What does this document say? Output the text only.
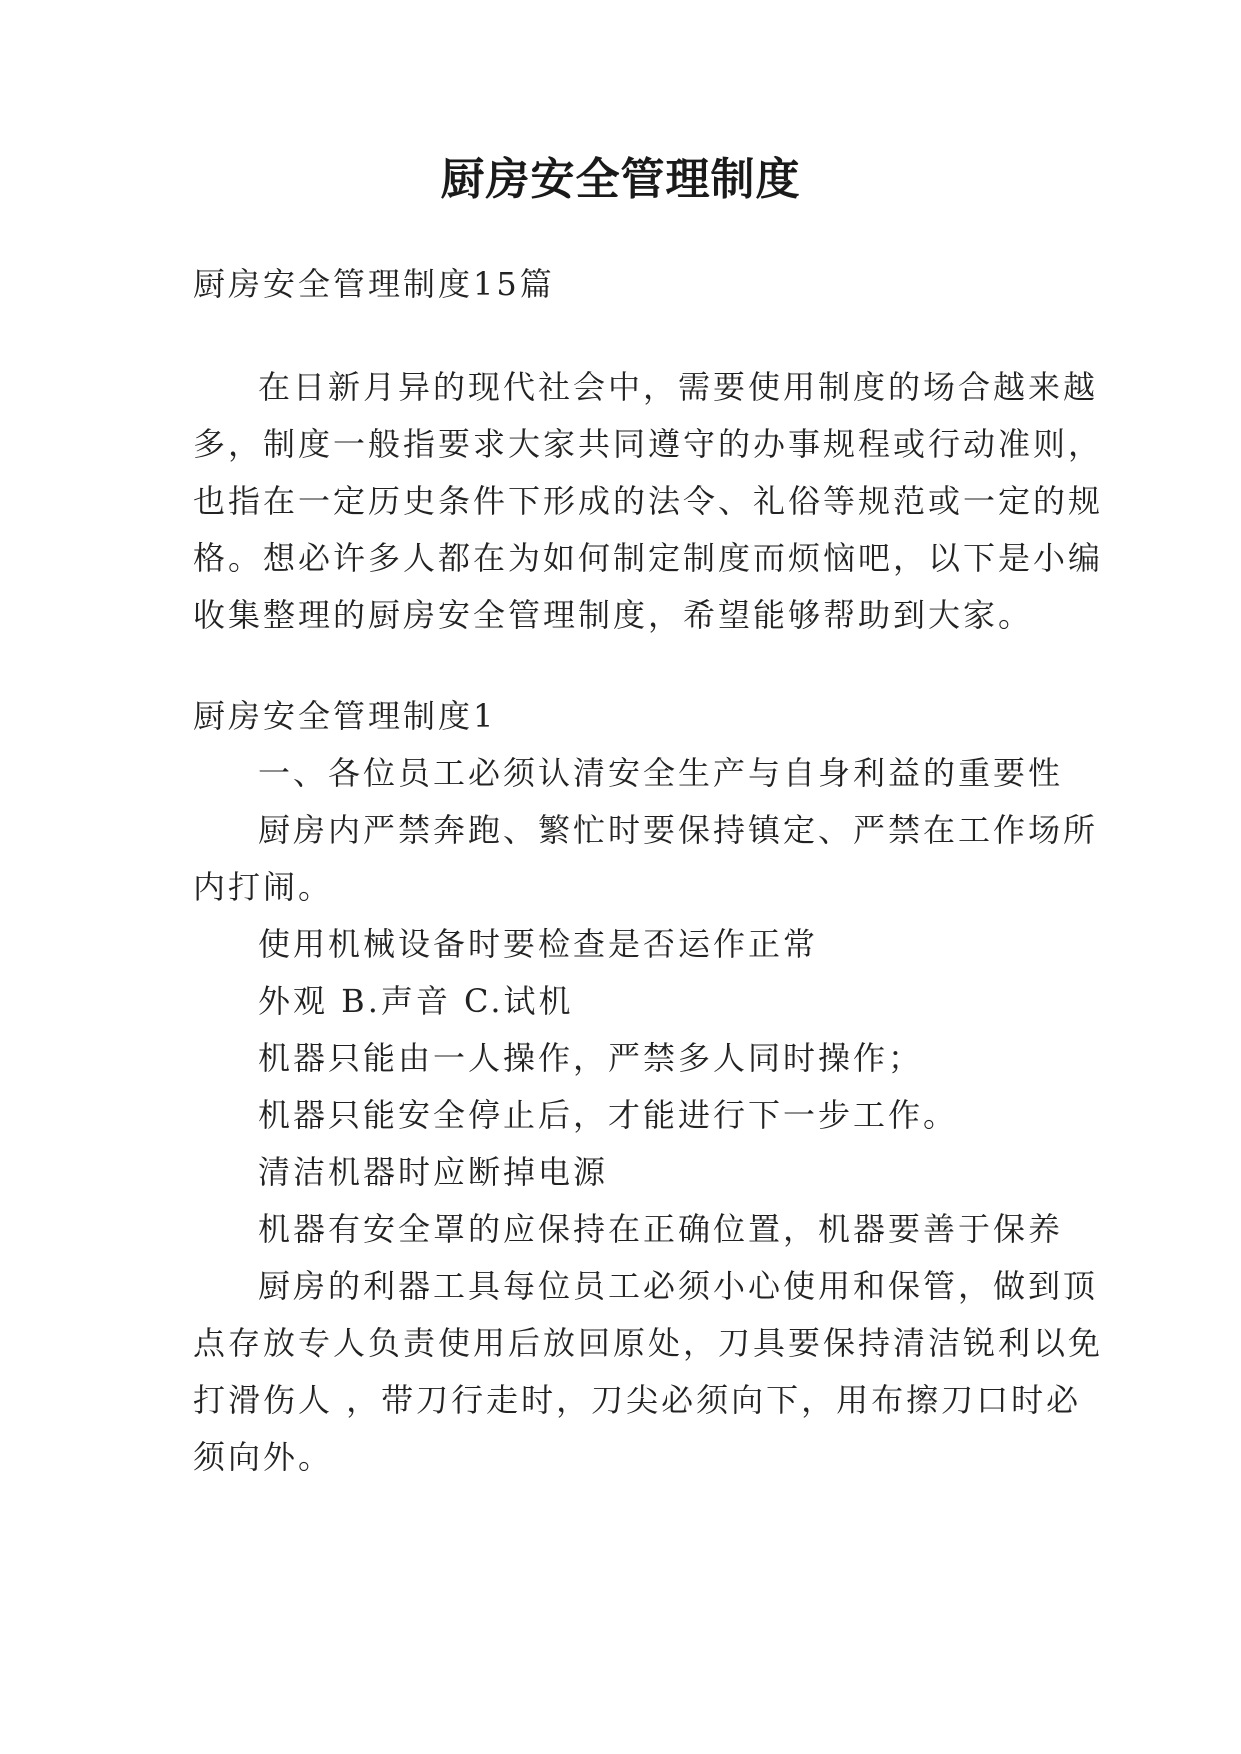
厨房安全管理制度

厨房安全管理制度15篇

在日新月异的现代社会中，需要使用制度的场合越来越

多，制度一般指要求大家共同遵守的办事规程或行动准则，

也指在一定历史条件下形成的法令、礼俗等规范或一定的规

格。想必许多人都在为如何制定制度而烦恼吧，以下是小编

收集整理的厨房安全管理制度，希望能够帮助到大家。

厨房安全管理制度1

一、各位员工必须认清安全生产与自身利益的重要性

厨房内严禁奔跑、繁忙时要保持镇定、严禁在工作场所

内打闹。

使用机械设备时要检查是否运作正常

外观 B.声音 C.试机

机器只能由一人操作，严禁多人同时操作；

机器只能安全停止后，才能进行下一步工作。

清洁机器时应断掉电源

机器有安全罩的应保持在正确位置，机器要善于保养

厨房的利器工具每位员工必须小心使用和保管，做到顶

点存放专人负责使用后放回原处，刀具要保持清洁锐利以免

打滑伤人 ，带刀行走时，刀尖必须向下，用布擦刀口时必

须向外。
